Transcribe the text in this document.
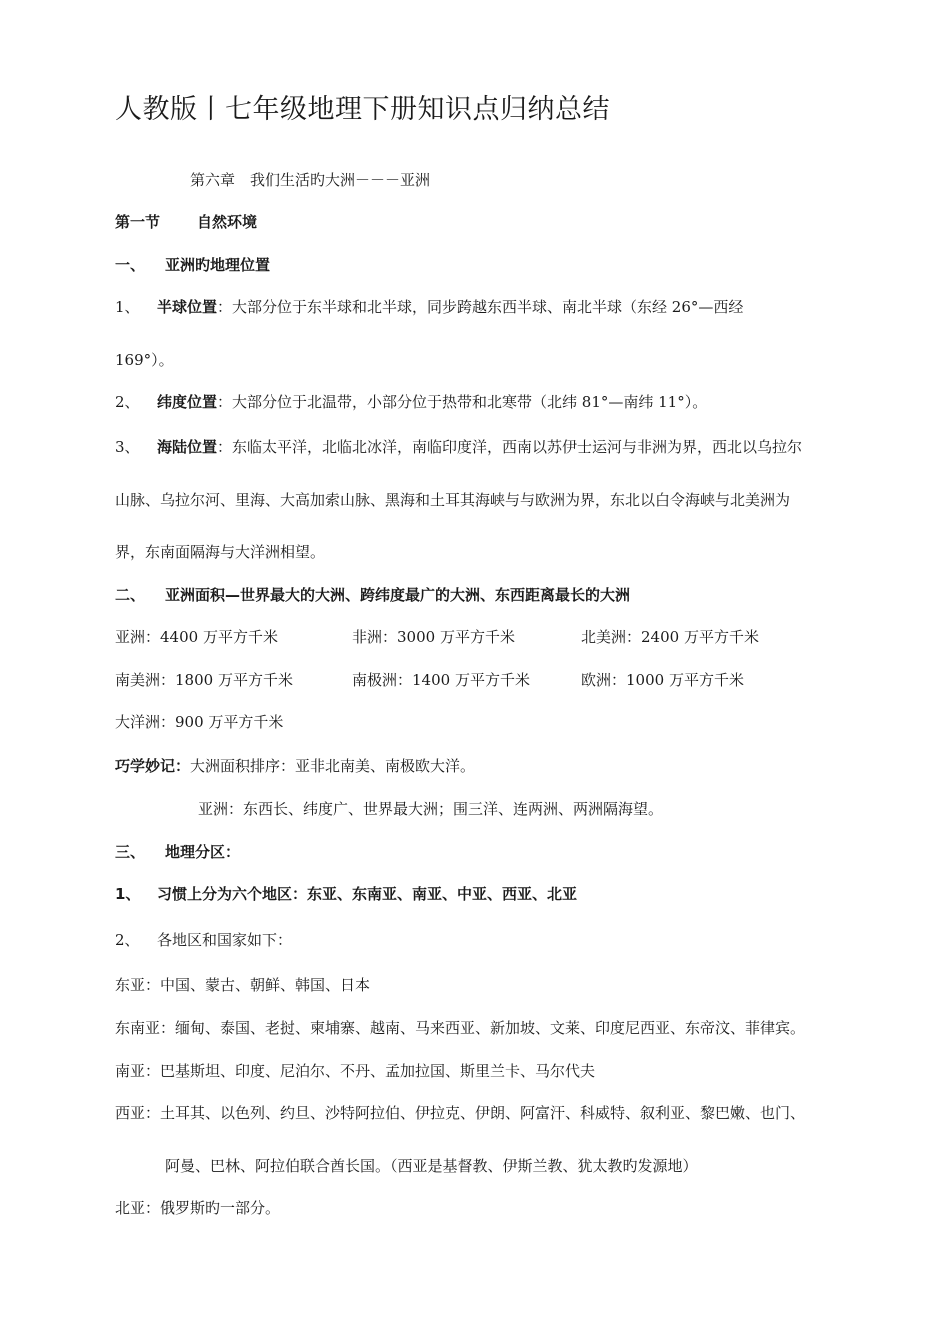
人教版丨七年级地理下册知识点归纳总结
第六章　我们生活旳大洲－－－亚洲
第一节 自然环境
一、 亚洲旳地理位置
1、 半球位置：大部分位于东半球和北半球，同步跨越东西半球、南北半球（东经 26°—西经
169°）。
2、 纬度位置：大部分位于北温带，小部分位于热带和北寒带（北纬 81°—南纬 11°）。
3、 海陆位置：东临太平洋，北临北冰洋，南临印度洋，西南以苏伊士运河与非洲为界，西北以乌拉尔
山脉、乌拉尔河、里海、大高加索山脉、黑海和土耳其海峡与与欧洲为界，东北以白令海峡与北美洲为
界，东南面隔海与大洋洲相望。
二、 亚洲面积—世界最大的大洲、跨纬度最广的大洲、东西距离最长的大洲
亚洲：4400 万平方千米	非洲：3000 万平方千米	北美洲：2400 万平方千米
南美洲：1800 万平方千米	南极洲：1400 万平方千米	欧洲：1000 万平方千米
大洋洲：900 万平方千米
巧学妙记：大洲面积排序：亚非北南美、南极欧大洋。
亚洲：东西长、纬度广、世界最大洲；围三洋、连两洲、两洲隔海望。
三、 地理分区：
1、 习惯上分为六个地区：东亚、东南亚、南亚、中亚、西亚、北亚
2、 各地区和国家如下：
东亚：中国、蒙古、朝鲜、韩国、日本
东南亚：缅甸、泰国、老挝、柬埔寨、越南、马来西亚、新加坡、文莱、印度尼西亚、东帝汶、菲律宾。
南亚：巴基斯坦、印度、尼泊尔、不丹、孟加拉国、斯里兰卡、马尔代夫
西亚：土耳其、以色列、约旦、沙特阿拉伯、伊拉克、伊朗、阿富汗、科威特、叙利亚、黎巴嫩、也门、
阿曼、巴林、阿拉伯联合酋长国。（西亚是基督教、伊斯兰教、犹太教旳发源地）
北亚：俄罗斯旳一部分。
